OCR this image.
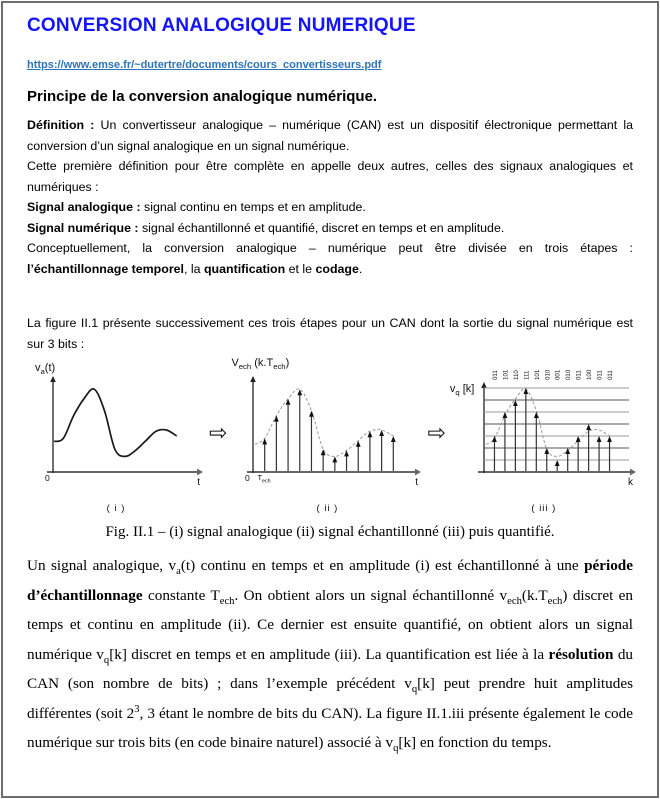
CONVERSION ANALOGIQUE NUMERIQUE
https://www.emse.fr/~dutertre/documents/cours_convertisseurs.pdf
Principe de la conversion analogique numérique.

Définition : Un convertisseur analogique – numérique (CAN) est un dispositif électronique permettant la conversion d’un signal analogique en un signal numérique.

Cette première définition pour être complète en appelle deux autres, celles des signaux analogiques et numériques :

Signal analogique : signal continu en temps et en amplitude.

Signal numérique : signal échantillonné et quantifié, discret en temps et en amplitude.

Conceptuellement, la conversion analogique – numérique peut être divisée en trois étapes : l’échantillonnage temporel, la quantification et le codage.

La figure II.1 présente successivement ces trois étapes pour un CAN dont la sortie du signal numérique est sur 3 bits :
$v_a(t)$
t
0
( i )
⇨
$V_{ech}$ $(k.T_{ech})$
t
0 $T_{ech}$
( ii )
⇨
$v_q$ [k]
011 101 110 111 101 010 001 010 011 100 011 011
k
( iii )
Fig. II.1 – (i) signal analogique (ii) signal échantillonné (iii) puis quantifié.
Un signal analogique, $v_a(t)$ continu en temps et en amplitude (i) est échantillonné à une période d’échantillonnage constante $T_{ech}$. On obtient alors un signal échantillonné $v_{ech}(k.T_{ech})$ discret en temps et continu en amplitude (ii). Ce dernier est ensuite quantifié, on obtient alors un signal numérique $v_q[k]$ discret en temps et en amplitude (iii). La quantification est liée à la résolution du CAN (son nombre de bits) ; dans l’exemple précédent $v_q[k]$ peut prendre huit amplitudes différentes (soit $2^3$, 3 étant le nombre de bits du CAN). La figure II.1.iii présente également le code numérique sur trois bits (en code binaire naturel) associé à $v_q[k]$ en fonction du temps.
